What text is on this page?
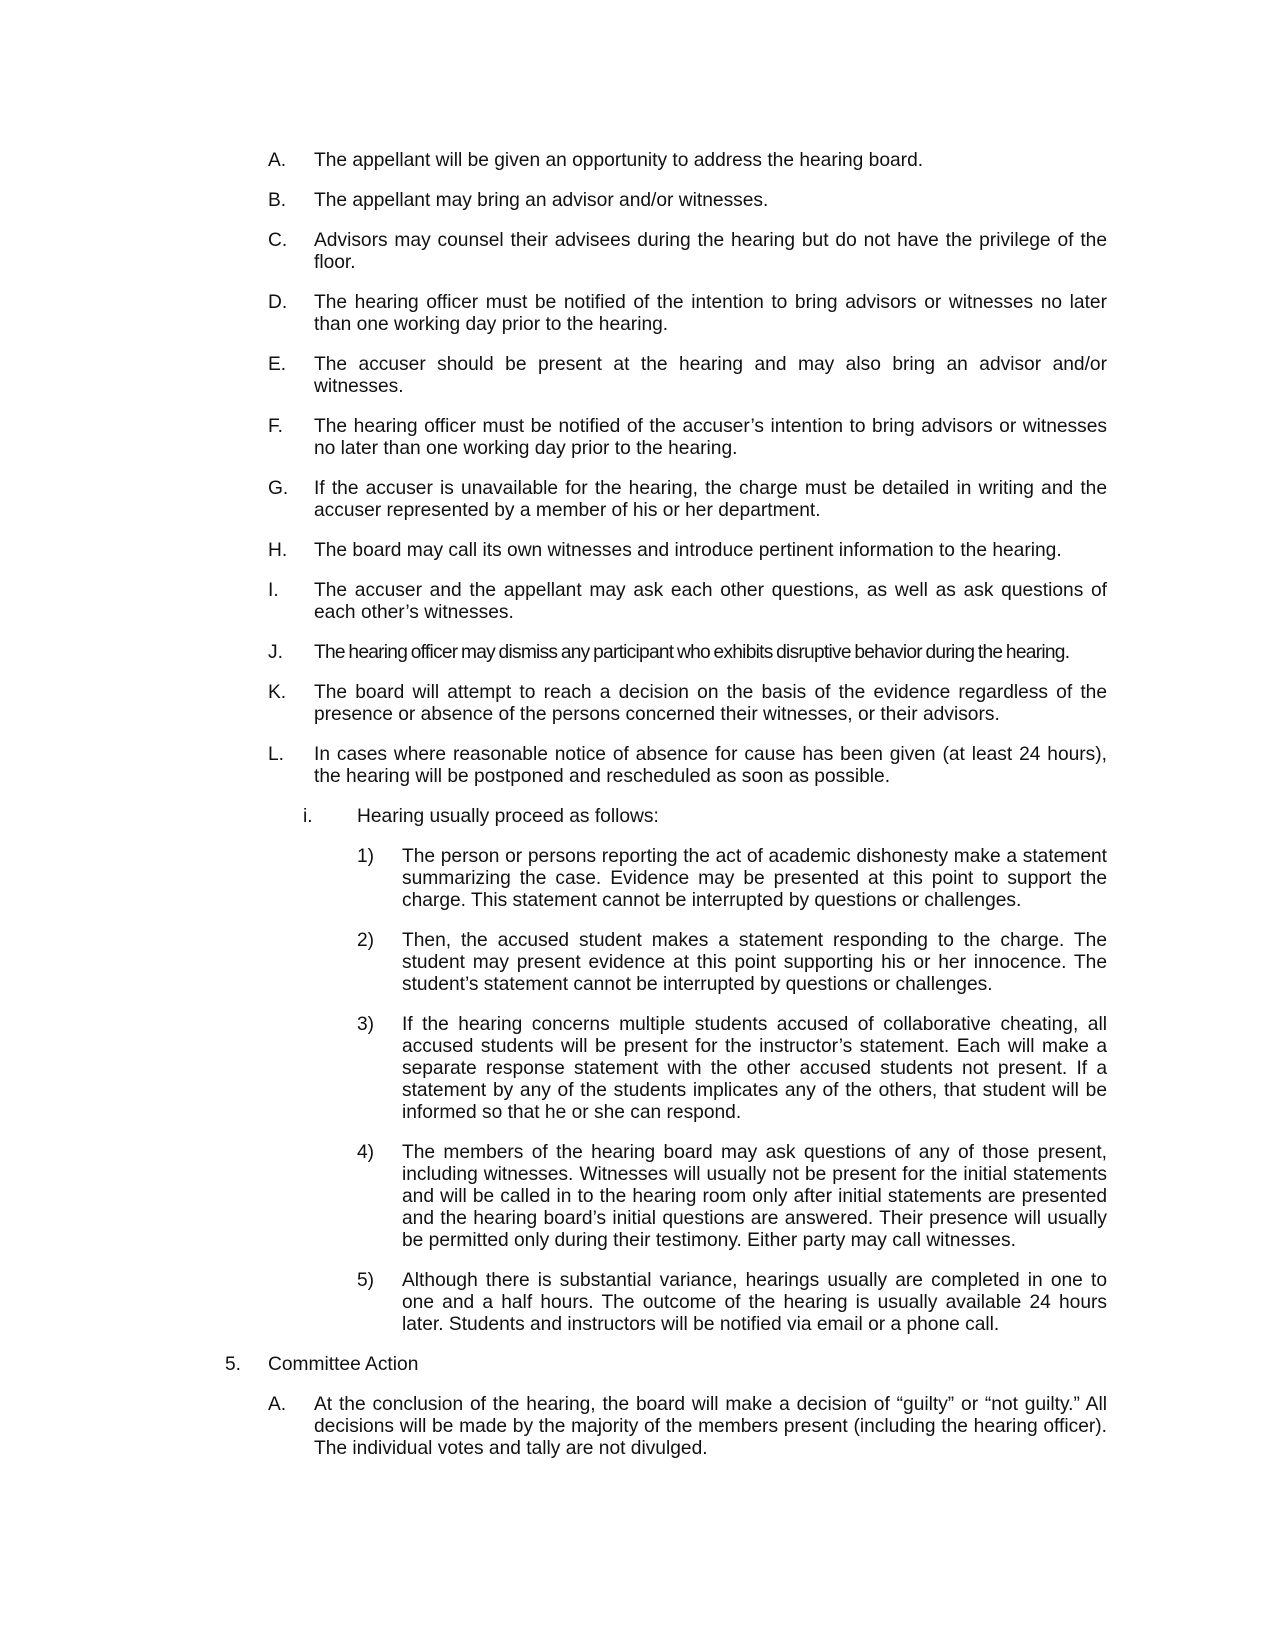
A. The appellant will be given an opportunity to address the hearing board.
B. The appellant may bring an advisor and/or witnesses.
C. Advisors may counsel their advisees during the hearing but do not have the privilege of the floor.
D. The hearing officer must be notified of the intention to bring advisors or witnesses no later than one working day prior to the hearing.
E. The accuser should be present at the hearing and may also bring an advisor and/or witnesses.
F. The hearing officer must be notified of the accuser’s intention to bring advisors or witnesses no later than one working day prior to the hearing.
G. If the accuser is unavailable for the hearing, the charge must be detailed in writing and the accuser represented by a member of his or her department.
H. The board may call its own witnesses and introduce pertinent information to the hearing.
I. The accuser and the appellant may ask each other questions, as well as ask questions of each other’s witnesses.
J. The hearing officer may dismiss any participant who exhibits disruptive behavior during the hearing.
K. The board will attempt to reach a decision on the basis of the evidence regardless of the presence or absence of the persons concerned their witnesses, or their advisors.
L. In cases where reasonable notice of absence for cause has been given (at least 24 hours), the hearing will be postponed and rescheduled as soon as possible.
i. Hearing usually proceed as follows:
1) The person or persons reporting the act of academic dishonesty make a statement summarizing the case. Evidence may be presented at this point to support the charge. This statement cannot be interrupted by questions or challenges.
2) Then, the accused student makes a statement responding to the charge. The student may present evidence at this point supporting his or her innocence. The student’s statement cannot be interrupted by questions or challenges.
3) If the hearing concerns multiple students accused of collaborative cheating, all accused students will be present for the instructor’s statement. Each will make a separate response statement with the other accused students not present. If a statement by any of the students implicates any of the others, that student will be informed so that he or she can respond.
4) The members of the hearing board may ask questions of any of those present, including witnesses. Witnesses will usually not be present for the initial statements and will be called in to the hearing room only after initial statements are presented and the hearing board’s initial questions are answered. Their presence will usually be permitted only during their testimony. Either party may call witnesses.
5) Although there is substantial variance, hearings usually are completed in one to one and a half hours. The outcome of the hearing is usually available 24 hours later. Students and instructors will be notified via email or a phone call.
5. Committee Action
A. At the conclusion of the hearing, the board will make a decision of “guilty” or “not guilty.” All decisions will be made by the majority of the members present (including the hearing officer). The individual votes and tally are not divulged.
